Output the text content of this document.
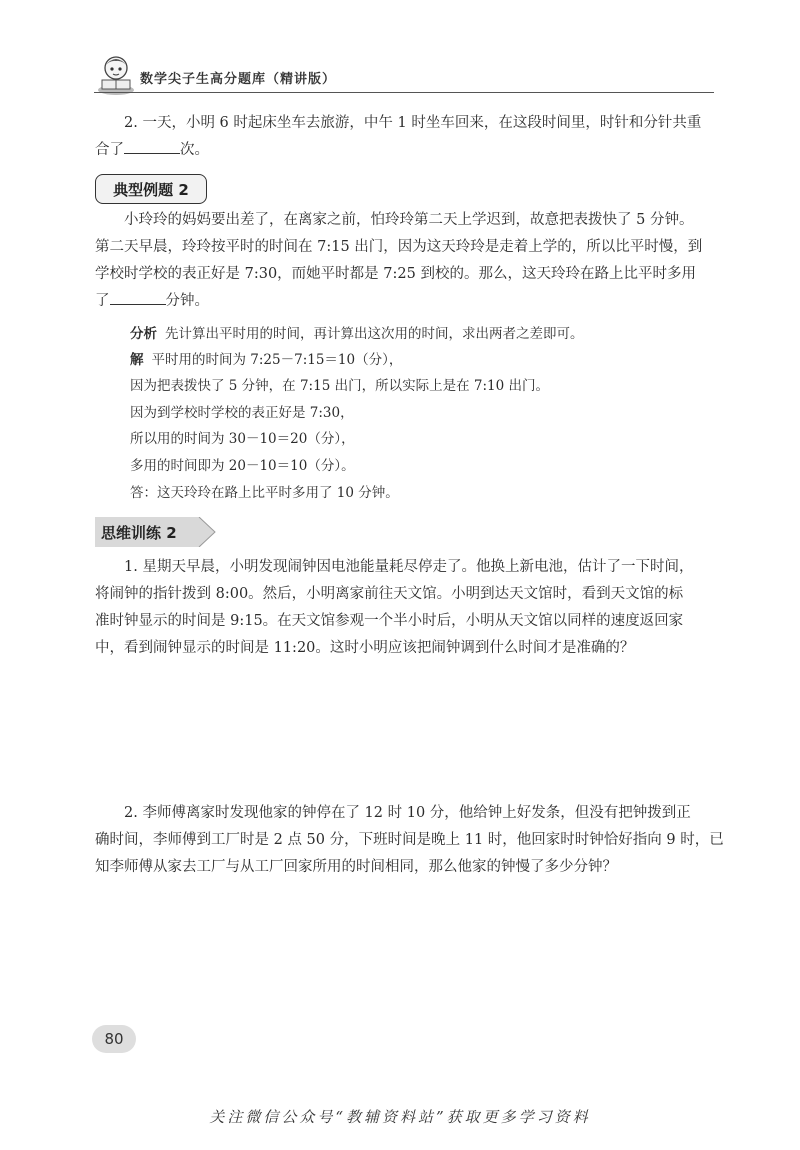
数学尖子生高分题库（精讲版）

2. 一天，小明 6 时起床坐车去旅游，中午 1 时坐车回来，在这段时间里，时针和分针共重
合了	次。

典型例题 2
小玲玲的妈妈要出差了，在离家之前，怕玲玲第二天上学迟到，故意把表拨快了 5 分钟。
第二天早晨，玲玲按平时的时间在 7:15 出门，因为这天玲玲是走着上学的，所以比平时慢，到
学校时学校的表正好是 7:30，而她平时都是 7:25 到校的。那么，这天玲玲在路上比平时多用
了	分钟。

分析 先计算出平时用的时间，再计算出这次用的时间，求出两者之差即可。

解 平时用的时间为 7:25－7:15＝10（分），

因为把表拨快了 5 分钟，在 7:15 出门，所以实际上是在 7:10 出门。

因为到学校时学校的表正好是 7:30，

所以用的时间为 30－10＝20（分），

多用的时间即为 20－10＝10（分）。

答：这天玲玲在路上比平时多用了 10 分钟。

思维训练 2
1. 星期天早晨，小明发现闹钟因电池能量耗尽停走了。他换上新电池，估计了一下时间，
将闹钟的指针拨到 8:00。然后，小明离家前往天文馆。小明到达天文馆时，看到天文馆的标
准时钟显示的时间是 9:15。在天文馆参观一个半小时后，小明从天文馆以同样的速度返回家
中，看到闹钟显示的时间是 11:20。这时小明应该把闹钟调到什么时间才是准确的？
2. 李师傅离家时发现他家的钟停在了 12 时 10 分，他给钟上好发条，但没有把钟拨到正
确时间，李师傅到工厂时是 2 点 50 分，下班时间是晚上 11 时，他回家时时钟恰好指向 9 时，已
知李师傅从家去工厂与从工厂回家所用的时间相同，那么他家的钟慢了多少分钟？
80
关注微信公众号“教辅资料站”获取更多学习资料
